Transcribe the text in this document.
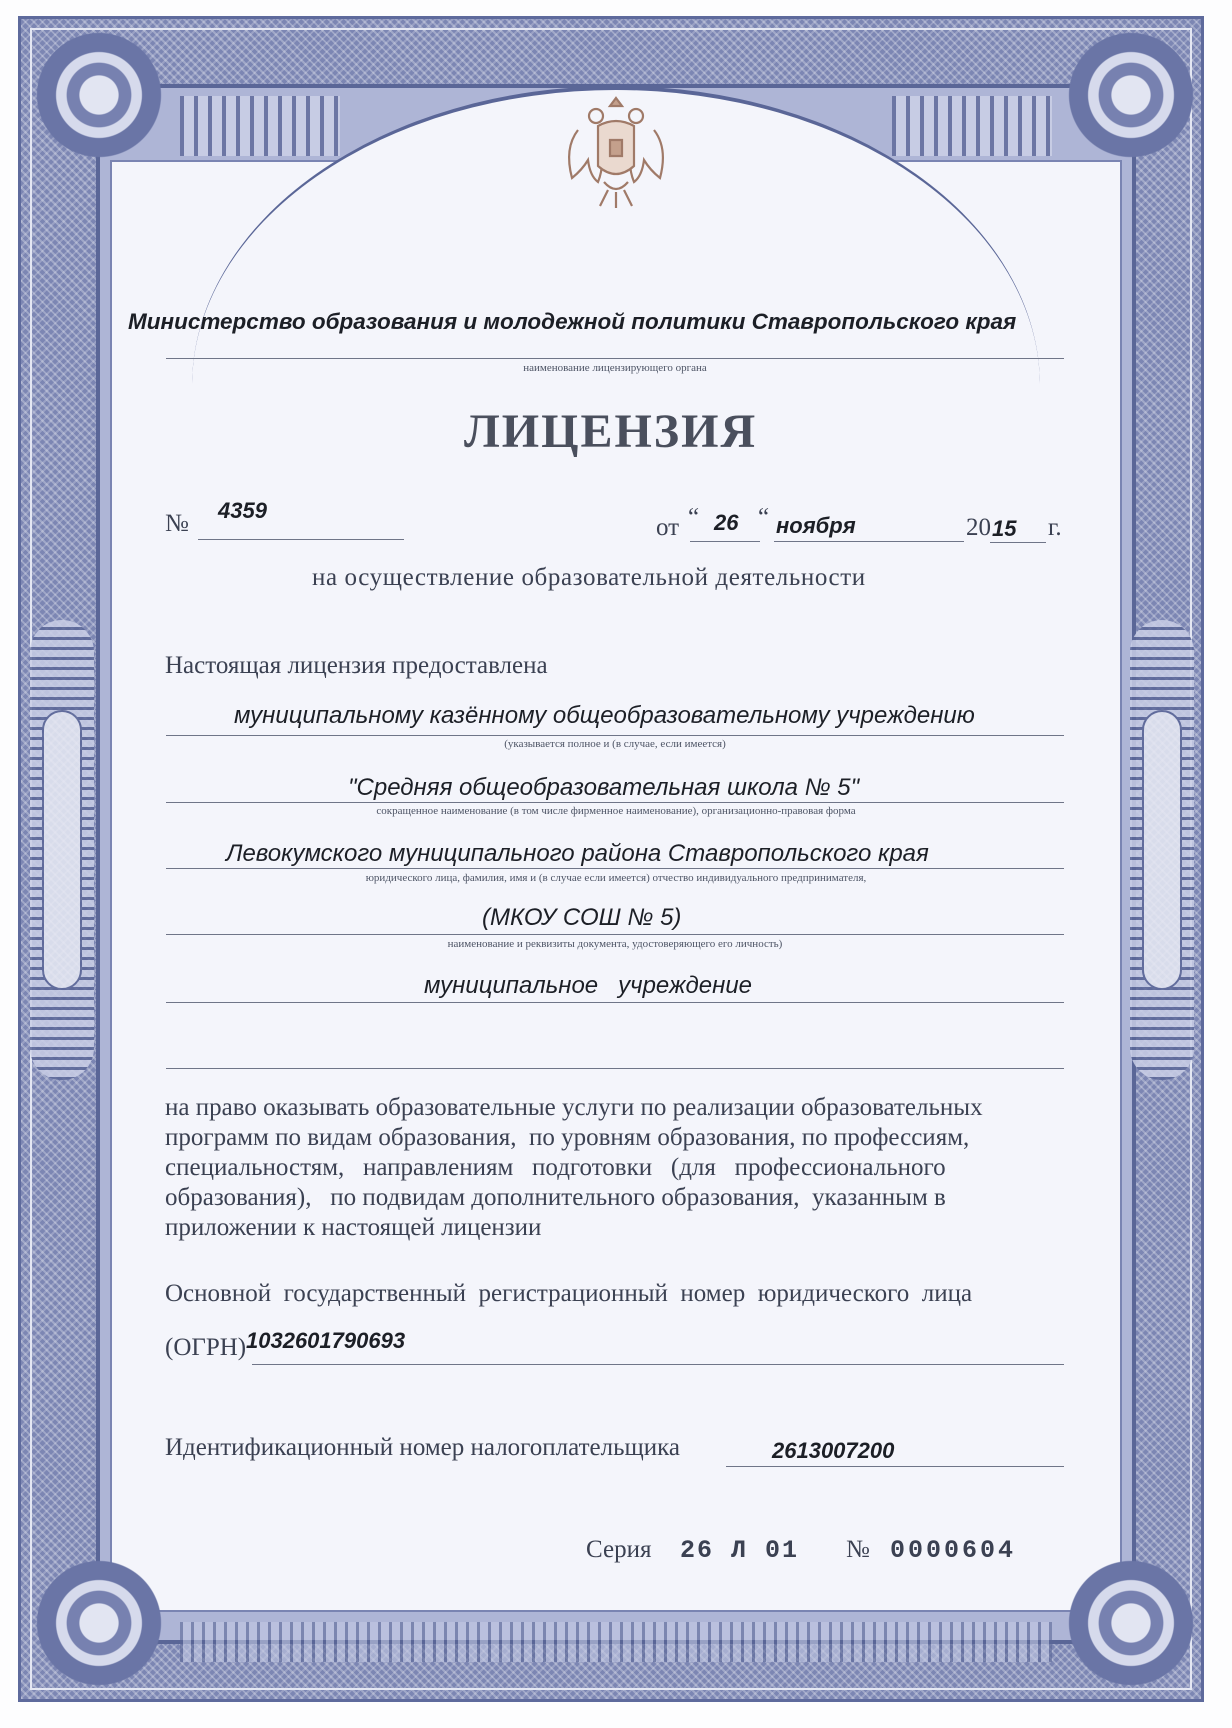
Министерство образования и молодежной политики Ставропольского края
наименование лицензирующего органа
ЛИЦЕНЗИЯ
№ 4359
от “ 26 “ ноября	20 15 г.
на осуществление образовательной деятельности
Настоящая лицензия предоставлена
муниципальному казённому общеобразовательному учреждению
(указывается полное и (в случае, если имеется)
"Средняя общеобразовательная школа № 5"
сокращенное наименование (в том числе фирменное наименование), организационно-правовая форма
Левокумского муниципального района Ставропольского края
юридического лица, фамилия, имя и (в случае если имеется) отчество индивидуального предпринимателя,
(МКОУ СОШ № 5)
наименование и реквизиты документа, удостоверяющего его личность)
муниципальное   учреждение
на право оказывать образовательные услуги по реализации образовательных
программ по видам образования,  по уровням образования, по профессиям,
специальностям,   направлениям   подготовки   (для   профессионального
образования),   по подвидам дополнительного образования,  указанным в
приложении к настоящей лицензии
Основной  государственный  регистрационный  номер  юридического  лица
(ОГРН) 1032601790693
Идентификационный номер налогоплательщика	2613007200
Серия 26 Л 01 № 0000604
